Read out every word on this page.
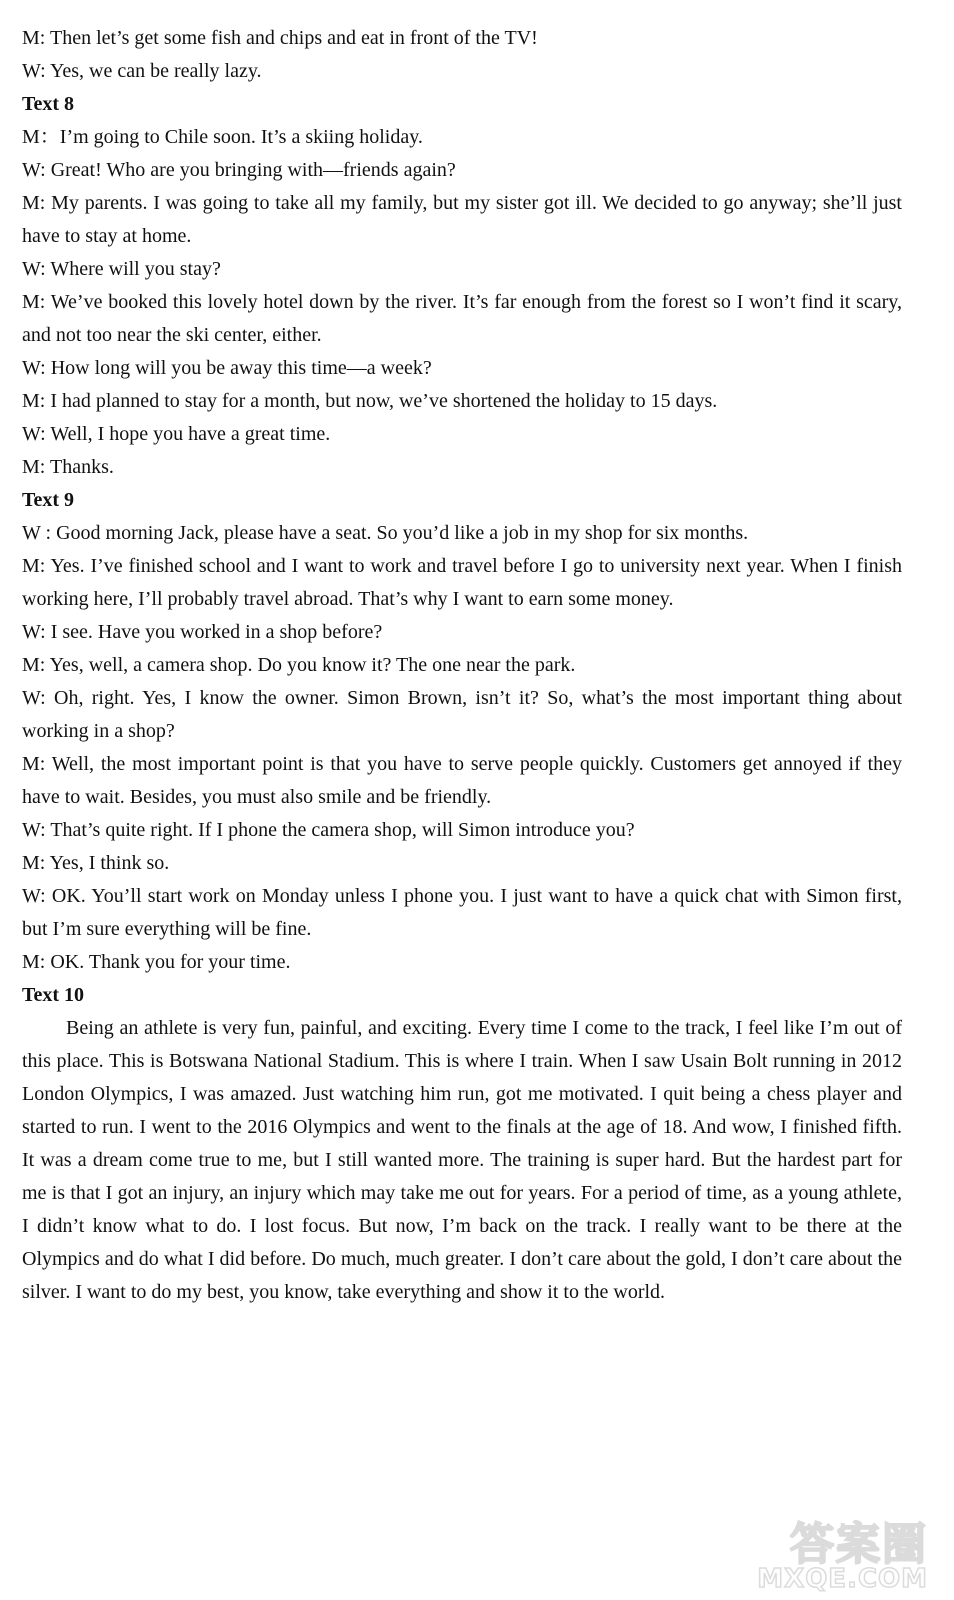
M: Then let’s get some fish and chips and eat in front of the TV!
W: Yes, we can be really lazy.
Text 8
M：I’m going to Chile soon. It’s a skiing holiday.
W: Great! Who are you bringing with—friends again?
M: My parents. I was going to take all my family, but my sister got ill. We decided to go anyway; she’ll just have to stay at home.
W: Where will you stay?
M: We’ve booked this lovely hotel down by the river. It’s far enough from the forest so I won’t find it scary, and not too near the ski center, either.
W: How long will you be away this time—a week?
M: I had planned to stay for a month, but now, we’ve shortened the holiday to 15 days.
W: Well, I hope you have a great time.
M: Thanks.
Text 9
W : Good morning Jack, please have a seat. So you’d like a job in my shop for six months.
M: Yes. I’ve finished school and I want to work and travel before I go to university next year. When I finish working here, I’ll probably travel abroad. That’s why I want to earn some money.
W: I see. Have you worked in a shop before?
M: Yes, well, a camera shop. Do you know it? The one near the park.
W: Oh, right. Yes, I know the owner. Simon Brown, isn’t it? So, what’s the most important thing about working in a shop?
M: Well, the most important point is that you have to serve people quickly. Customers get annoyed if they have to wait. Besides, you must also smile and be friendly.
W: That’s quite right. If I phone the camera shop, will Simon introduce you?
M: Yes, I think so.
W: OK. You’ll start work on Monday unless I phone you. I just want to have a quick chat with Simon first, but I’m sure everything will be fine.
M: OK. Thank you for your time.
Text 10
Being an athlete is very fun, painful, and exciting. Every time I come to the track, I feel like I’m out of this place. This is Botswana National Stadium. This is where I train. When I saw Usain Bolt running in 2012 London Olympics, I was amazed. Just watching him run, got me motivated. I quit being a chess player and started to run. I went to the 2016 Olympics and went to the finals at the age of 18. And wow, I finished fifth. It was a dream come true to me, but I still wanted more. The training is super hard. But the hardest part for me is that I got an injury, an injury which may take me out for years. For a period of time, as a young athlete, I didn’t know what to do. I lost focus. But now, I’m back on the track. I really want to be there at the Olympics and do what I did before. Do much, much greater. I don’t care about the gold, I don’t care about the silver. I want to do my best, you know, take everything and show it to the world.
答案圈
MXQE.COM
